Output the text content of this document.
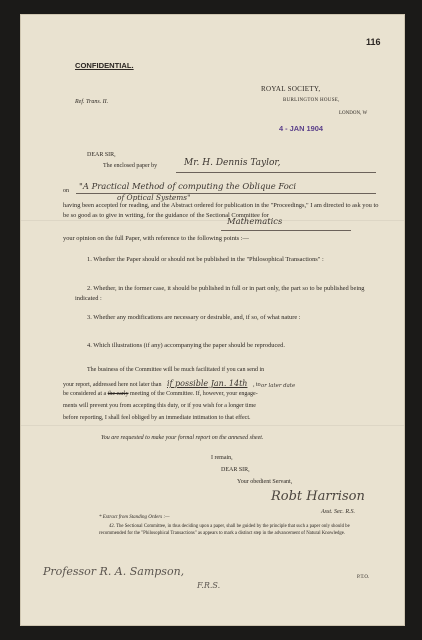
116
CONFIDENTIAL.
Ref. Trans. II.
ROYAL SOCIETY,
BURLINGTON HOUSE,
LONDON, W
4 - JAN 1904
DEAR SIR,
The enclosed paper by	Mr. H. Dennis Taylor,
on "A Practical Method of computing the Oblique Foci
of Optical Systems"
having been accepted for reading, and the Abstract ordered for publication in the "Proceedings," I am directed to ask you to be so good as to give in writing, for the guidance of the Sectional Committee for
Mathematics
your opinion on the full Paper, with reference to the following points :—
1. Whether the Paper should or should not be published in the "Philosophical Transactions" :
2. Whether, in the former case, it should be published in full or in part only, the part so to be published being indicated :
3. Whether any modifications are necessary or desirable, and, if so, of what nature :
4. Which illustrations (if any) accompanying the paper should be reproduced.
The business of the Committee will be much facilitated if you can send in
your report, addressed here not later than if possible Jan. 14th , to
be considered at a the early meeting of the Committee. If, however, your engage-
or later date
ments will prevent you from accepting this duty, or if you wish for a longer time
before reporting, I shall feel obliged by an immediate intimation to that effect.
You are requested to make your formal report on the annexed sheet.
I remain,
DEAR SIR,
Your obedient Servant,
Robt Harrison
Asst. Sec. R.S.
* Extract from Standing Orders :—
42. The Sectional Committee, in thus deciding upon a paper, shall be guided by the principle that such a paper only should be recommended for the "Philosophical Transactions" as appears to mark a distinct step in the advancement of Natural Knowledge.
Professor R. A. Sampson,
F.R.S.
P.T.O.
